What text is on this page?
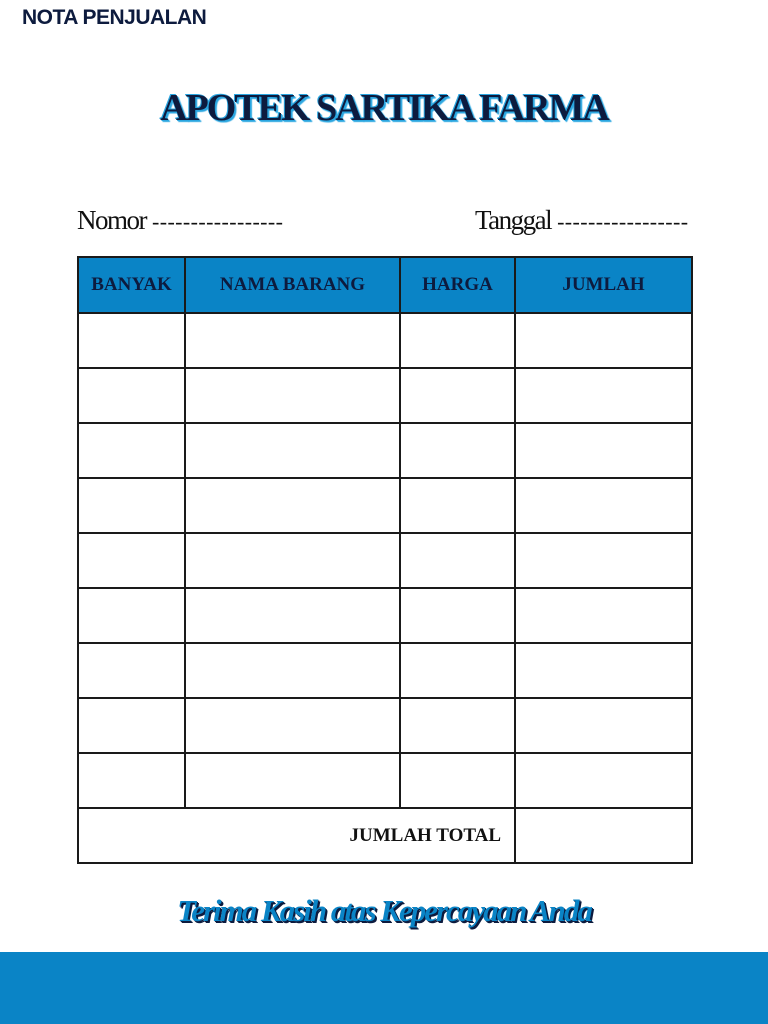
NOTA PENJUALAN
APOTEK SARTIKA FARMA
Nomor -----------------	Tanggal -----------------
BANYAK	NAMA BARANG	HARGA	JUMLAH

JUMLAH TOTAL			
Terima Kasih atas Kepercayaan Anda
